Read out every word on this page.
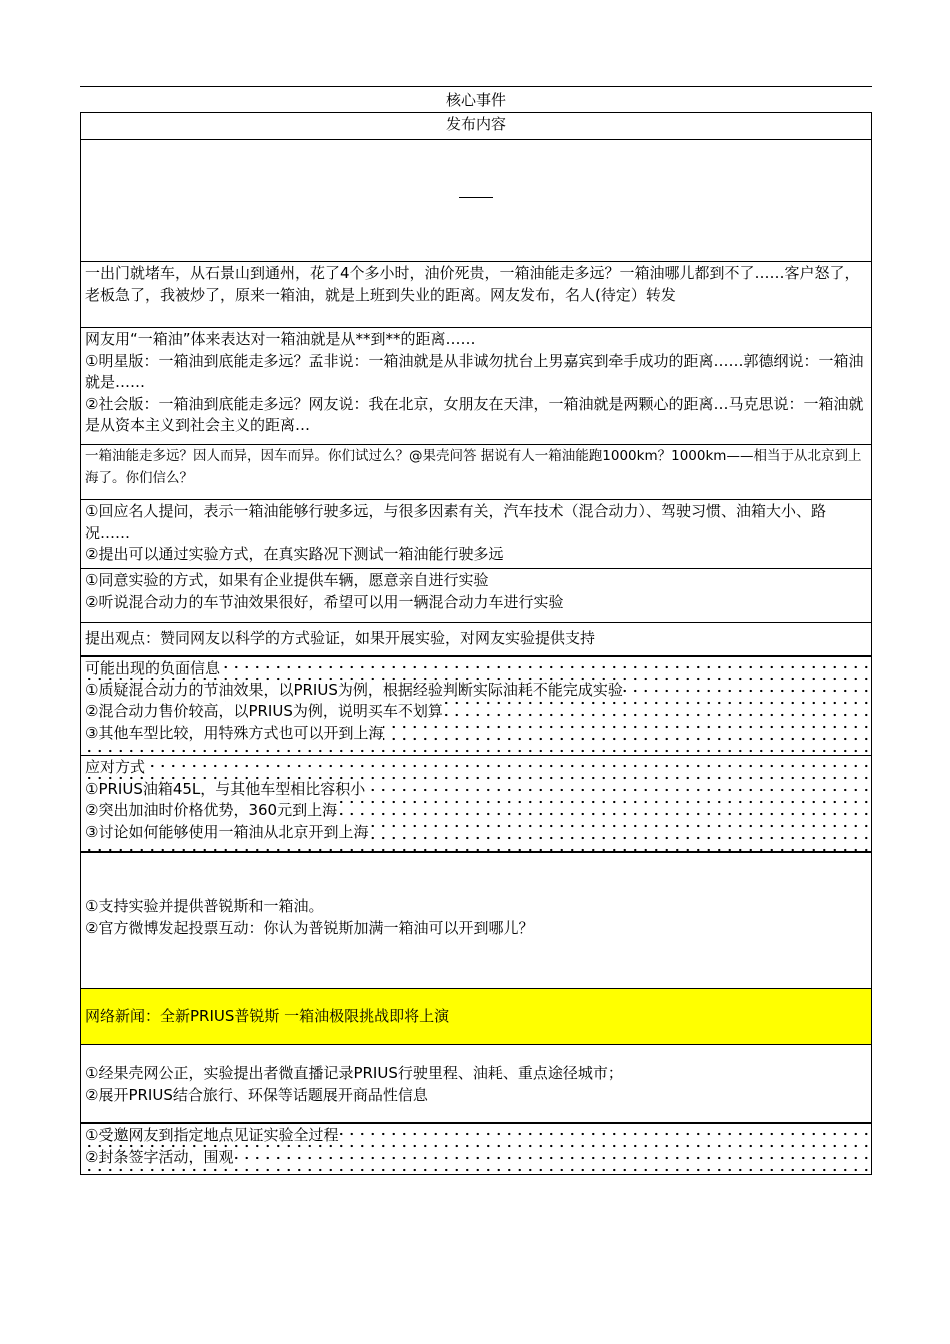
核心事件
发布内容
一出门就堵车，从石景山到通州，花了4个多小时，油价死贵，一箱油能走多远？一箱油哪儿都到不了……客户怒了，老板急了，我被炒了，原来一箱油，就是上班到失业的距离。网友发布，名人(待定）转发
网友用“一箱油”体来表达对一箱油就是从**到**的距离……
①明星版：一箱油到底能走多远？孟非说：一箱油就是从非诚勿扰台上男嘉宾到牵手成功的距离……郭德纲说：一箱油就是……
②社会版：一箱油到底能走多远？网友说：我在北京，女朋友在天津，一箱油就是两颗心的距离…马克思说：一箱油就是从资本主义到社会主义的距离…
一箱油能走多远？因人而异，因车而异。你们试过么？@果壳问答 据说有人一箱油能跑1000km？1000km——相当于从北京到上海了。你们信么？
①回应名人提问，表示一箱油能够行驶多远，与很多因素有关，汽车技术（混合动力）、驾驶习惯、油箱大小、路况……
②提出可以通过实验方式，在真实路况下测试一箱油能行驶多远
①同意实验的方式，如果有企业提供车辆，愿意亲自进行实验
②听说混合动力的车节油效果很好，希望可以用一辆混合动力车进行实验
提出观点：赞同网友以科学的方式验证，如果开展实验，对网友实验提供支持
可能出现的负面信息
①质疑混合动力的节油效果，以PRIUS为例，根据经验判断实际油耗不能完成实验
②混合动力售价较高，以PRIUS为例，说明买车不划算
③其他车型比较，用特殊方式也可以开到上海
应对方式
①PRIUS油箱45L，与其他车型相比容积小
②突出加油时价格优势，360元到上海
③讨论如何能够使用一箱油从北京开到上海
①支持实验并提供普锐斯和一箱油。
②官方微博发起投票互动：你认为普锐斯加满一箱油可以开到哪儿？
网络新闻：全新PRIUS普锐斯 一箱油极限挑战即将上演
①经果壳网公正，实验提出者微直播记录PRIUS行驶里程、油耗、重点途径城市；
②展开PRIUS结合旅行、环保等话题展开商品性信息
①受邀网友到指定地点见证实验全过程
②封条签字活动，围观
